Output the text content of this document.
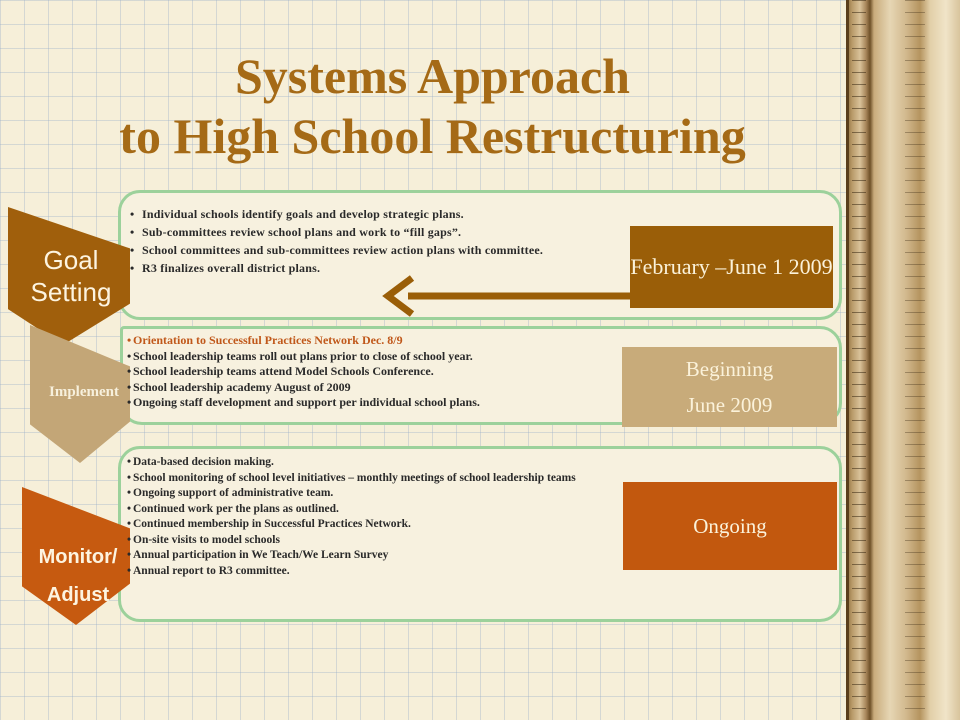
Systems Approach
to High School Restructuring
Goal Setting
Implement
Monitor/
Adjust
• Individual schools identify goals and develop strategic plans.
• Sub-committees review school plans and work to “fill gaps”.
• School committees and sub-committees review action plans with committee.
• R3 finalizes overall district plans.
• Orientation to Successful Practices Network Dec. 8/9
• School leadership teams roll out plans prior to close of school year.
• School leadership teams attend Model Schools Conference.
• School leadership academy August of 2009
• Ongoing staff development and support per individual school plans.
• Data-based decision making.
• School monitoring of school level initiatives – monthly meetings of school leadership teams
• Ongoing support of administrative team.
• Continued work per the plans as outlined.
• Continued membership in Successful Practices Network.
• On-site visits to model schools
• Annual participation in We Teach/We Learn Survey
• Annual report to R3 committee.
February –June 1 2009
Beginning
June 2009
Ongoing
